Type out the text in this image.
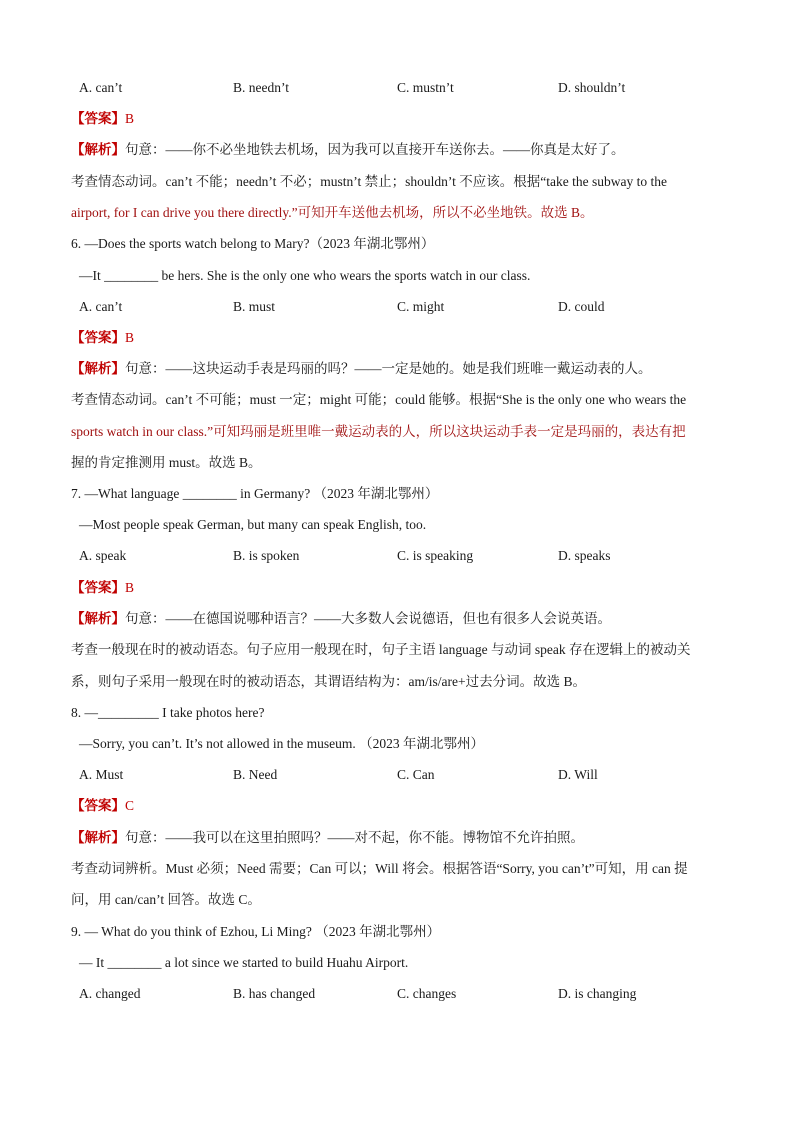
A. can’t	B. needn’t	C. mustn’t	D. shouldn’t
【答案】B
【解析】句意：——你不必坐地铁去机场，因为我可以直接开车送你去。——你真是太好了。
考查情态动词。can’t 不能；needn’t 不必；mustn’t 禁止；shouldn’t 不应该。根据“take the subway to the
airport, for I can drive you there directly.”可知开车送他去机场，所以不必坐地铁。故选 B。
6. —Does the sports watch belong to Mary?（2023 年湖北鄂州）
—It ________ be hers. She is the only one who wears the sports watch in our class.
A. can’t	B. must	C. might	D. could
【答案】B
【解析】句意：——这块运动手表是玛丽的吗？——一定是她的。她是我们班唯一戴运动表的人。
考查情态动词。can’t 不可能；must 一定；might 可能；could 能够。根据“She is the only one who wears the
sports watch in our class.”可知玛丽是班里唯一戴运动表的人，所以这块运动手表一定是玛丽的，表达有把
握的肯定推测用 must。故选 B。
7. —What language ________ in Germany? （2023 年湖北鄂州）
—Most people speak German, but many can speak English, too.
A. speak	B. is spoken	C. is speaking	D. speaks
【答案】B
【解析】句意：——在德国说哪种语言？——大多数人会说德语，但也有很多人会说英语。
考查一般现在时的被动语态。句子应用一般现在时，句子主语 language 与动词 speak 存在逻辑上的被动关
系，则句子采用一般现在时的被动语态，其谓语结构为：am/is/are+过去分词。故选 B。
8. —_________ I take photos here?
—Sorry, you can’t. It’s not allowed in the museum. （2023 年湖北鄂州）
A. Must	B. Need	C. Can	D. Will
【答案】C
【解析】句意：——我可以在这里拍照吗？——对不起，你不能。博物馆不允许拍照。
考查动词辨析。Must 必须；Need 需要；Can 可以；Will 将会。根据答语“Sorry, you can’t”可知，用 can 提
问，用 can/can’t 回答。故选 C。
9. — What do you think of Ezhou, Li Ming? （2023 年湖北鄂州）
— It ________ a lot since we started to build Huahu Airport.
A. changed	B. has changed	C. changes	D. is changing
